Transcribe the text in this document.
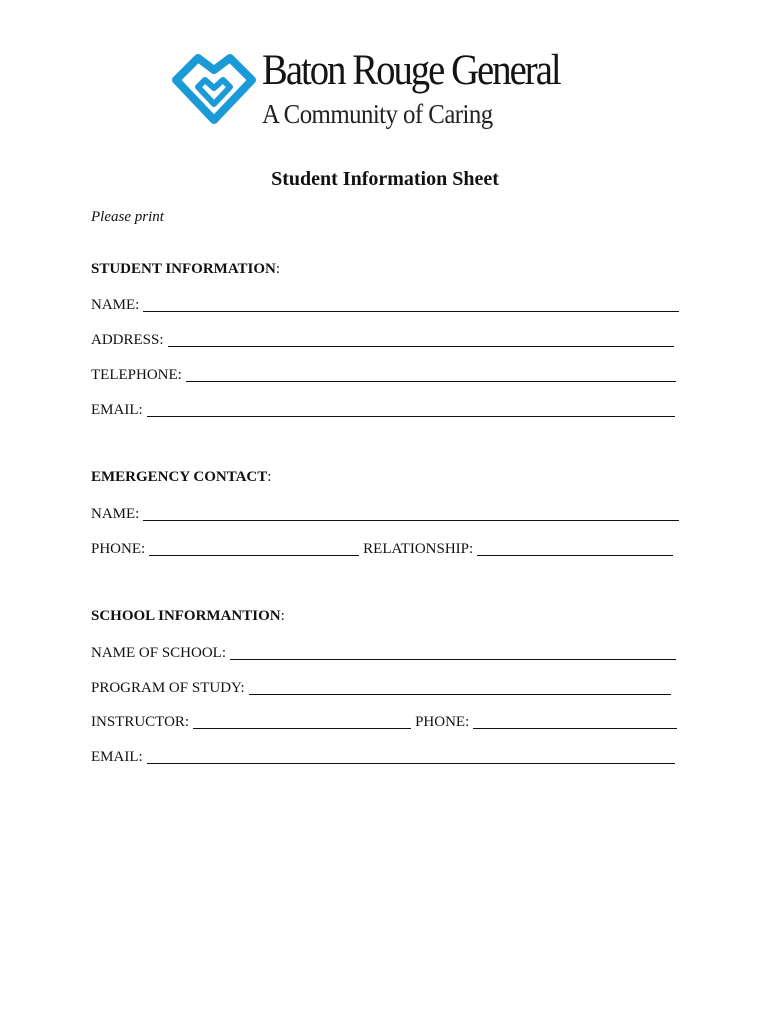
Baton Rouge General
A Community of Caring
Student Information Sheet
Please print
STUDENT INFORMATION:
NAME:
ADDRESS:
TELEPHONE:
EMAIL:
EMERGENCY CONTACT:
NAME:
PHONE:	RELATIONSHIP:
SCHOOL INFORMANTION:
NAME OF SCHOOL:
PROGRAM OF STUDY:
INSTRUCTOR:	PHONE:
EMAIL:
